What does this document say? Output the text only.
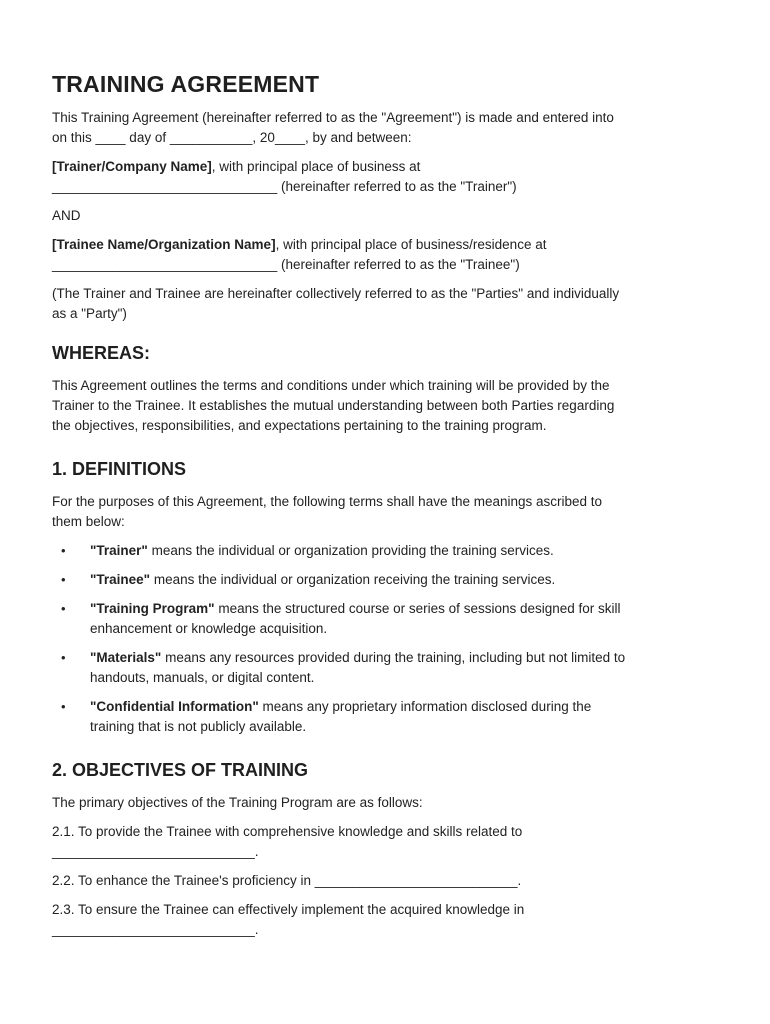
TRAINING AGREEMENT

This Training Agreement (hereinafter referred to as the "Agreement") is made and entered into
on this ____ day of ___________, 20____, by and between:

[Trainer/Company Name], with principal place of business at
______________________________ (hereinafter referred to as the "Trainer")

AND

[Trainee Name/Organization Name], with principal place of business/residence at
______________________________ (hereinafter referred to as the "Trainee")

(The Trainer and Trainee are hereinafter collectively referred to as the "Parties" and individually
as a "Party")

WHEREAS:

This Agreement outlines the terms and conditions under which training will be provided by the
Trainer to the Trainee. It establishes the mutual understanding between both Parties regarding
the objectives, responsibilities, and expectations pertaining to the training program.

1. DEFINITIONS

For the purposes of this Agreement, the following terms shall have the meanings ascribed to
them below:

• "Trainer" means the individual or organization providing the training services.
• "Trainee" means the individual or organization receiving the training services.
• "Training Program" means the structured course or series of sessions designed for skill
enhancement or knowledge acquisition.
• "Materials" means any resources provided during the training, including but not limited to
handouts, manuals, or digital content.
• "Confidential Information" means any proprietary information disclosed during the
training that is not publicly available.
2. OBJECTIVES OF TRAINING

The primary objectives of the Training Program are as follows:

2.1. To provide the Trainee with comprehensive knowledge and skills related to
___________________________.

2.2. To enhance the Trainee's proficiency in ___________________________.

2.3. To ensure the Trainee can effectively implement the acquired knowledge in
___________________________.
